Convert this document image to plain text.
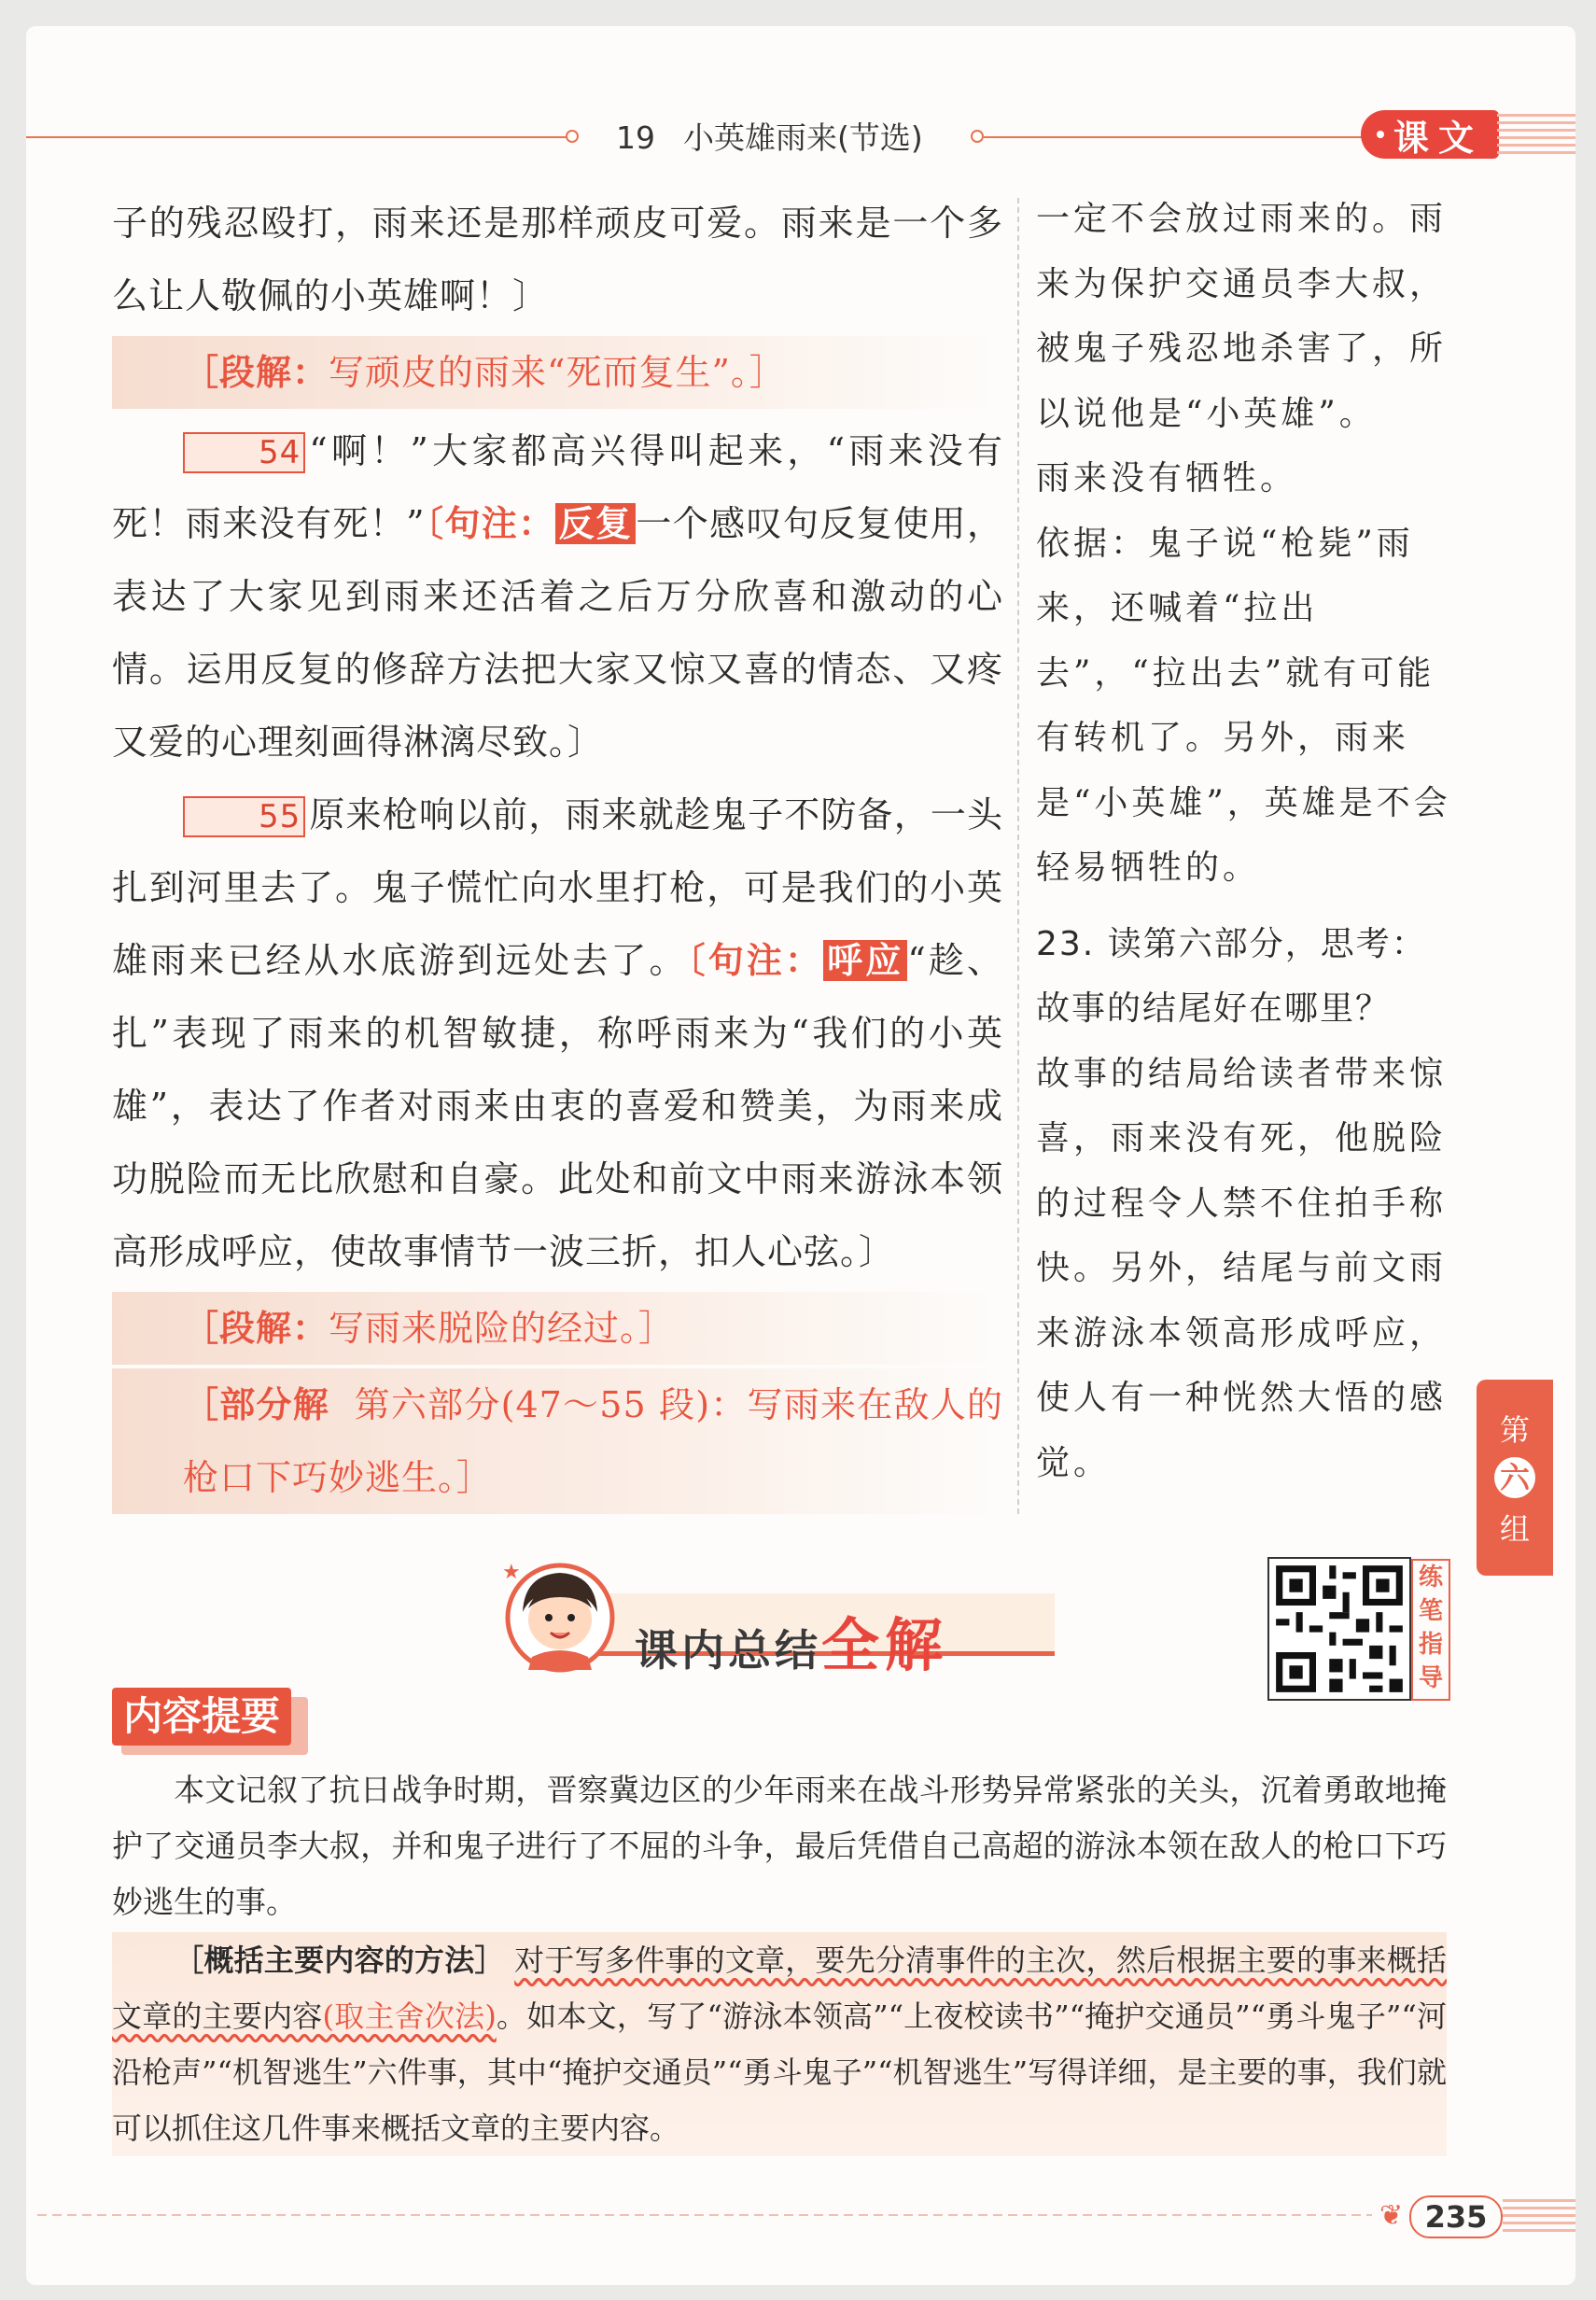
19 小英雄雨来(节选)	课文

子的残忍殴打，雨来还是那样顽皮可爱。雨来是一个多么让人敬佩的小英雄啊！〕

［段解：写顽皮的雨来“死而复生”。］

54 “啊！”大家都高兴得叫起来，“雨来没有死！雨来没有死！”〔句注： 反复 一个感叹句反复使用，表达了大家见到雨来还活着之后万分欣喜和激动的心情。运用反复的修辞方法把大家又惊又喜的情态、又疼又爱的心理刻画得淋漓尽致。〕

55 原来枪响以前，雨来就趁鬼子不防备，一头扎到河里去了。鬼子慌忙向水里打枪，可是我们的小英雄雨来已经从水底游到远处去了。〔句注： 呼应 “趁、扎”表现了雨来的机智敏捷，称呼雨来为“我们的小英雄”，表达了作者对雨来由衷的喜爱和赞美，为雨来成功脱险而无比欣慰和自豪。此处和前文中雨来游泳本领高形成呼应，使故事情节一波三折，扣人心弦。〕

［段解：写雨来脱险的经过。］

［部分解 第六部分(47～55 段)：写雨来在敌人的枪口下巧妙逃生。］

一定不会放过雨来的。雨来为保护交通员李大叔，被鬼子残忍地杀害了，所以说他是“小英雄”。

雨来没有牺牲。

依据：鬼子说“枪毙”雨来，还喊着“拉出去”，“拉出去”就有可能有转机了。另外，雨来是“小英雄”，英雄是不会轻易牺牲的。

23. 读第六部分，思考：故事的结尾好在哪里？

故事的结局给读者带来惊喜，雨来没有死，他脱险的过程令人禁不住拍手称快。另外，结尾与前文雨来游泳本领高形成呼应，使人有一种恍然大悟的感觉。

第
六
组
★
课内总结全解
练笔指导
内容提要
本文记叙了抗日战争时期，晋察冀边区的少年雨来在战斗形势异常紧张的关头，沉着勇敢地掩护了交通员李大叔，并和鬼子进行了不屈的斗争，最后凭借自己高超的游泳本领在敌人的枪口下巧妙逃生的事。
［概括主要内容的方法］ 对于写多件事的文章，要先分清事件的主次，然后根据主要的事来概括文章的主要内容(取主舍次法)。如本文，写了“游泳本领高”“上夜校读书”“掩护交通员”“勇斗鬼子”“河沿枪声”“机智逃生”六件事，其中“掩护交通员”“勇斗鬼子”“机智逃生”写得详细，是主要的事，我们就可以抓住这几件事来概括文章的主要内容。
❦ 235
